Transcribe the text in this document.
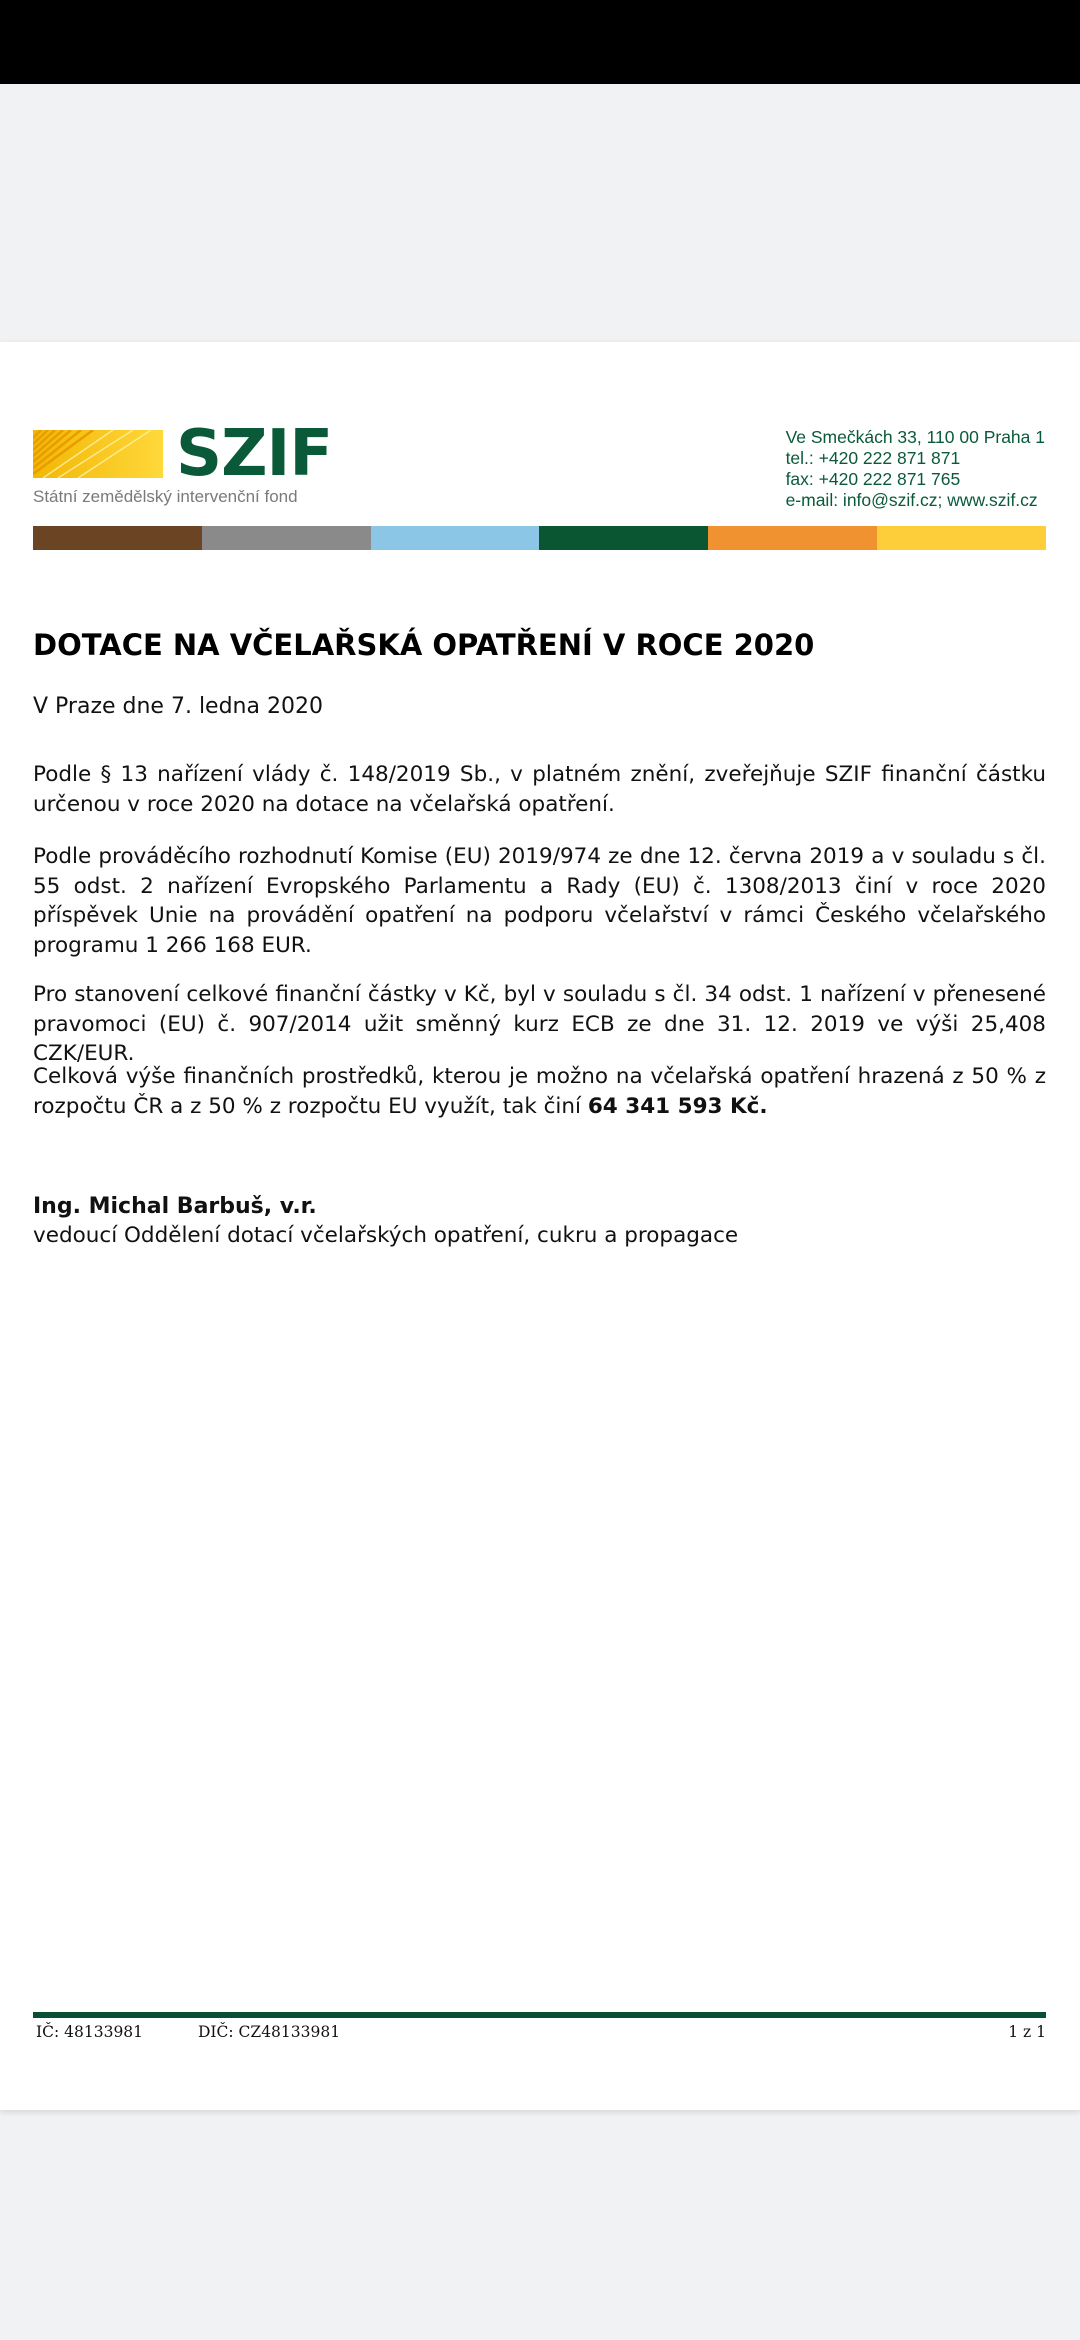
SZIF
Státní zemědělský intervenční fond
Ve Smečkách 33, 110 00 Praha 1
tel.: +420 222 871 871
fax: +420 222 871 765
e-mail: info@szif.cz; www.szif.cz
DOTACE NA VČELAŘSKÁ OPATŘENÍ V ROCE 2020
V Praze dne 7. ledna 2020
Podle § 13 nařízení vlády č. 148/2019 Sb., v platném znění, zveřejňuje SZIF finanční částku určenou v roce 2020 na dotace na včelařská opatření.
Podle prováděcího rozhodnutí Komise (EU) 2019/974 ze dne 12. června 2019 a v souladu s čl. 55 odst. 2 nařízení Evropského Parlamentu a Rady (EU) č. 1308/2013 činí v roce 2020 příspěvek Unie na provádění opatření na podporu včelařství v rámci Českého včelařského programu 1 266 168 EUR.
Pro stanovení celkové finanční částky v Kč, byl v souladu s čl. 34 odst. 1 nařízení v přenesené pravomoci (EU) č. 907/2014 užit směnný kurz ECB ze dne 31. 12. 2019 ve výši 25,408 CZK/EUR.
Celková výše finančních prostředků, kterou je možno na včelařská opatření hrazená z 50 % z rozpočtu ČR a z 50 % z rozpočtu EU využít, tak činí 64 341 593 Kč.
Ing. Michal Barbuš, v.r.
vedoucí Oddělení dotací včelařských opatření, cukru a propagace
IČ: 48133981	DIČ: CZ48133981	1 z 1
